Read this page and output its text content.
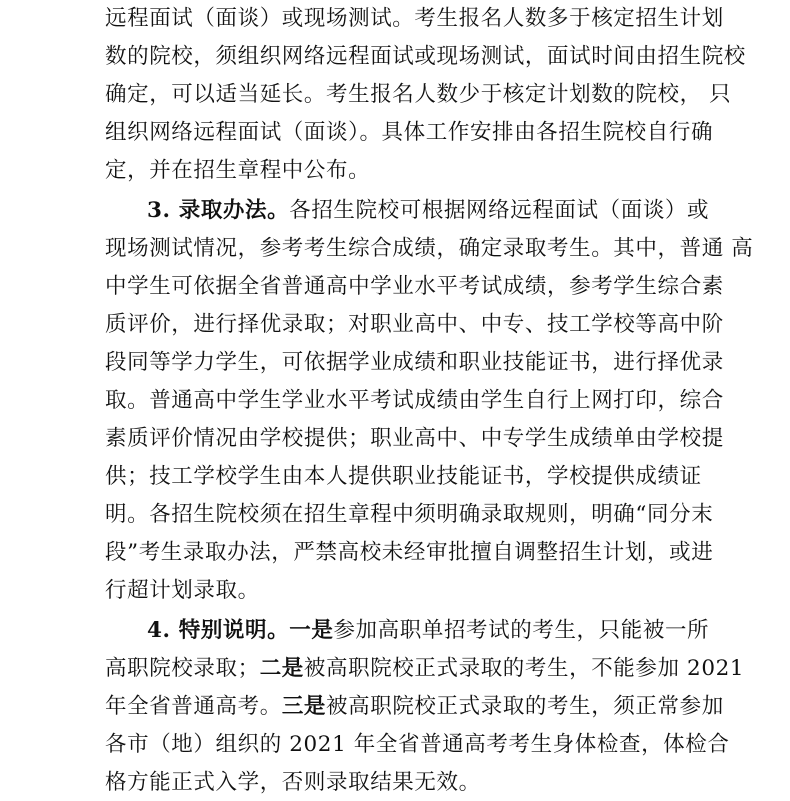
远程面试（面谈）或现场测试。考生报名人数多于核定招生计划
数的院校，须组织网络远程面试或现场测试，面试时间由招生院校
确定，可以适当延长。考生报名人数少于核定计划数的院校， 只
组织网络远程面试（面谈）。具体工作安排由各招生院校自行确
定，并在招生章程中公布。
3. 录取办法。各招生院校可根据网络远程面试（面谈）或
现场测试情况，参考考生综合成绩，确定录取考生。其中，普通 高
中学生可依据全省普通高中学业水平考试成绩，参考学生综合素
质评价，进行择优录取；对职业高中、中专、技工学校等高中阶
段同等学力学生，可依据学业成绩和职业技能证书，进行择优录
取。普通高中学生学业水平考试成绩由学生自行上网打印，综合
素质评价情况由学校提供；职业高中、中专学生成绩单由学校提
供；技工学校学生由本人提供职业技能证书，学校提供成绩证
明。各招生院校须在招生章程中须明确录取规则，明确“同分末
段”考生录取办法，严禁高校未经审批擅自调整招生计划，或进
行超计划录取。
4. 特别说明。一是参加高职单招考试的考生，只能被一所
高职院校录取；二是被高职院校正式录取的考生，不能参加 2021
年全省普通高考。三是被高职院校正式录取的考生，须正常参加
各市（地）组织的 2021 年全省普通高考考生身体检查，体检合
格方能正式入学，否则录取结果无效。
